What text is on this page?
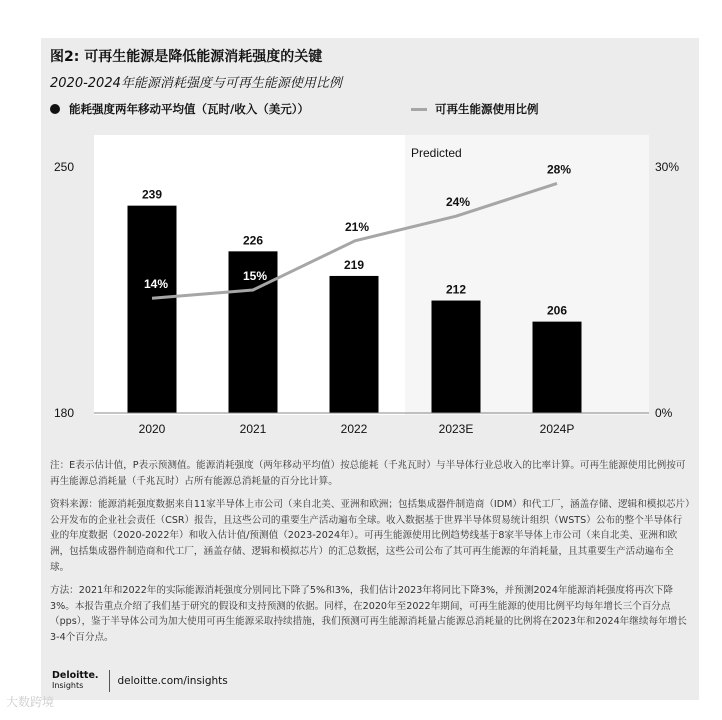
图2: 可再生能源是降低能源消耗强度的关键
2020-2024年能源消耗强度与可再生能源使用比例
能耗强度两年移动平均值（瓦时/收入（美元））	可再生能源使用比例
Predicted
250
180
30%
0%
239
226
219
212
206
2020	2021	2022	2023E	2024P
14%
15%
21%
24%
28%

注：E表示估计值，P表示预测值。能源消耗强度（两年移动平均值）按总能耗（千兆瓦时）与半导体行业总收入的比率计算。可再生能源使用比例按可再生能源总消耗量（千兆瓦时）占所有能源总消耗量的百分比计算。

资料来源：能源消耗强度数据来自11家半导体上市公司（来自北美、亚洲和欧洲；包括集成器件制造商（IDM）和代工厂，涵盖存储、逻辑和模拟芯片）公开发布的企业社会责任（CSR）报告，且这些公司的重要生产活动遍布全球。收入数据基于世界半导体贸易统计组织（WSTS）公布的整个半导体行业的年度数据（2020-2022年）和收入估计值/预测值（2023-2024年）。可再生能源使用比例趋势线基于8家半导体上市公司（来自北美、亚洲和欧洲，包括集成器件制造商和代工厂，涵盖存储、逻辑和模拟芯片）的汇总数据，这些公司公布了其可再生能源的年消耗量，且其重要生产活动遍布全球。

方法：2021年和2022年的实际能源消耗强度分别同比下降了5%和3%，我们估计2023年将同比下降3%，并预测2024年能源消耗强度将再次下降3%。本报告重点介绍了我们基于研究的假设和支持预测的依据。同样，在2020年至2022年期间，可再生能源的使用比例平均每年增长三个百分点（pps），鉴于半导体公司为加大使用可再生能源采取持续措施，我们预测可再生能源消耗量占能源总消耗量的比例将在2023年和2024年继续每年增长3-4个百分点。

Deloitte.
Insights	deloitte.com/insights
大数跨境
